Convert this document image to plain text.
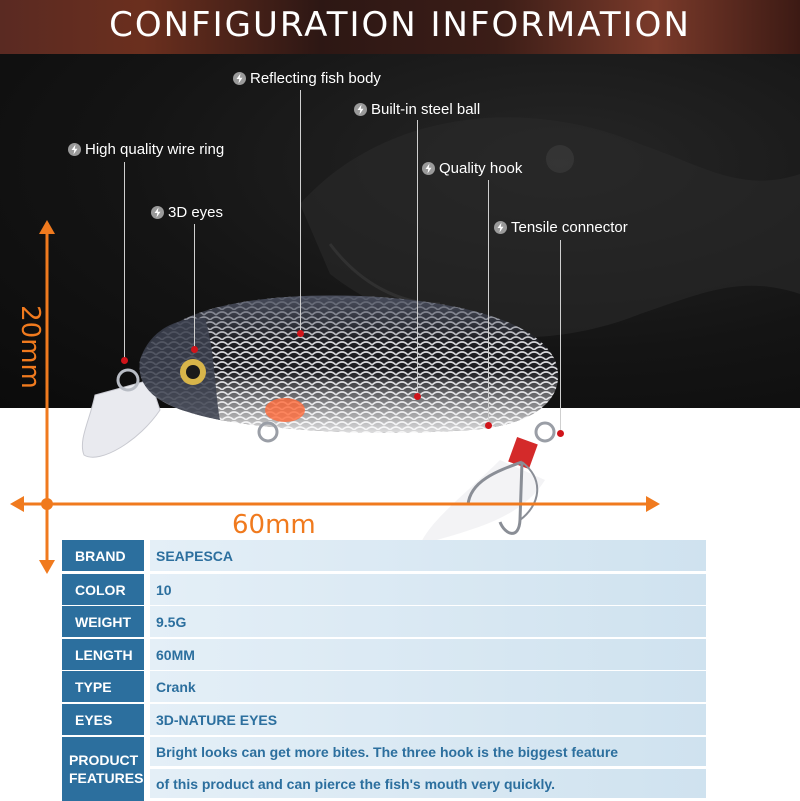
CONFIGURATION INFORMATION
20mm
60mm
High quality wire ring
3D eyes
Reflecting fish body
Built-in steel ball
Quality hook
Tensile connector
BRAND	SEAPESCA
COLOR	10
WEIGHT	9.5G
LENGTH	60MM
TYPE	Crank
EYES	3D-NATURE EYES
PRODUCT
FEATURES
Bright looks can get more bites. The three hook is the biggest feature
of this product and can pierce the fish's mouth very quickly.
